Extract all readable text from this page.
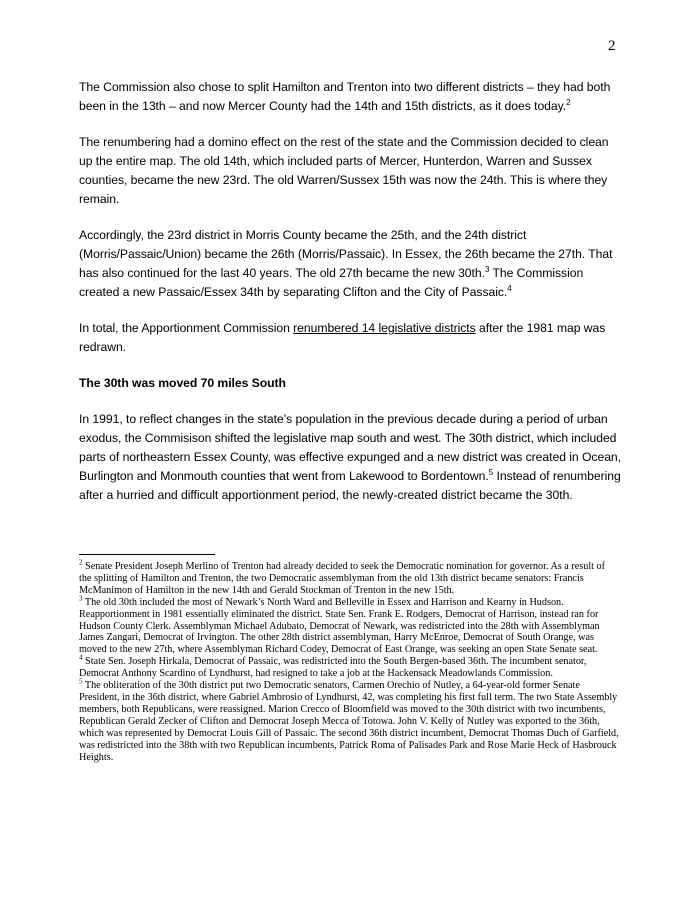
2

The Commission also chose to split Hamilton and Trenton into two different districts – they had both been in the 13th – and now Mercer County had the 14th and 15th districts, as it does today.$^2$

The renumbering had a domino effect on the rest of the state and the Commission decided to clean up the entire map. The old 14th, which included parts of Mercer, Hunterdon, Warren and Sussex counties, became the new 23rd. The old Warren/Sussex 15th was now the 24th. This is where they remain.

Accordingly, the 23rd district in Morris County became the 25th, and the 24th district (Morris/Passaic/Union) became the 26th (Morris/Passaic). In Essex, the 26th became the 27th. That has also continued for the last 40 years. The old 27th became the new 30th.$^3$ The Commission created a new Passaic/Essex 34th by separating Clifton and the City of Passaic.$^4$

In total, the Apportionment Commission renumbered 14 legislative districts after the 1981 map was redrawn.

The 30th was moved 70 miles South

In 1991, to reflect changes in the state’s population in the previous decade during a period of urban exodus, the Commisison shifted the legislative map south and west. The 30th district, which included parts of northeastern Essex County, was effective expunged and a new district was created in Ocean, Burlington and Monmouth counties that went from Lakewood to Bordentown.$^5$ Instead of renumbering after a hurried and difficult apportionment period, the newly-created district became the 30th.

$^2$ Senate President Joseph Merlino of Trenton had already decided to seek the Democratic nomination for governor. As a result of the splitting of Hamilton and Trenton, the two Democratic assemblyman from the old 13th district became senators: Francis McManimon of Hamilton in the new 14th and Gerald Stockman of Trenton in the new 15th.

$^3$ The old 30th included the most of Newark’s North Ward and Belleville in Essex and Harrison and Kearny in Hudson. Reapportionment in 1981 essentially eliminated the district. State Sen. Frank E. Rodgers, Democrat of Harrison, instead ran for Hudson County Clerk. Assemblyman Michael Adubato, Democrat of Newark, was redistricted into the 28th with Assemblyman James Zangari, Democrat of Irvington. The other 28th district assemblyman, Harry McEnroe, Democrat of South Orange, was moved to the new 27th, where Assemblyman Richard Codey, Democrat of East Orange, was seeking an open State Senate seat.

$^4$ State Sen. Joseph Hirkala, Democrat of Passaic, was redistricted into the South Bergen-based 36th. The incumbent senator, Democrat Anthony Scardino of Lyndhurst, had resigned to take a job at the Hackensack Meadowlands Commission.

$^5$ The obliteration of the 30th district put two Democratic senators, Carmen Orechio of Nutley, a 64-year-old former Senate President, in the 36th district, where Gabriel Ambrosio of Lyndhurst, 42, was completing his first full term. The two State Assembly members, both Republicans, were reassigned. Marion Crecco of Bloomfield was moved to the 30th district with two incumbents, Republican Gerald Zecker of Clifton and Democrat Joseph Mecca of Totowa. John V. Kelly of Nutley was exported to the 36th, which was represented by Democrat Louis Gill of Passaic. The second 36th district incumbent, Democrat Thomas Duch of Garfield, was redistricted into the 38th with two Republican incumbents, Patrick Roma of Palisades Park and Rose Marie Heck of Hasbrouck Heights.
